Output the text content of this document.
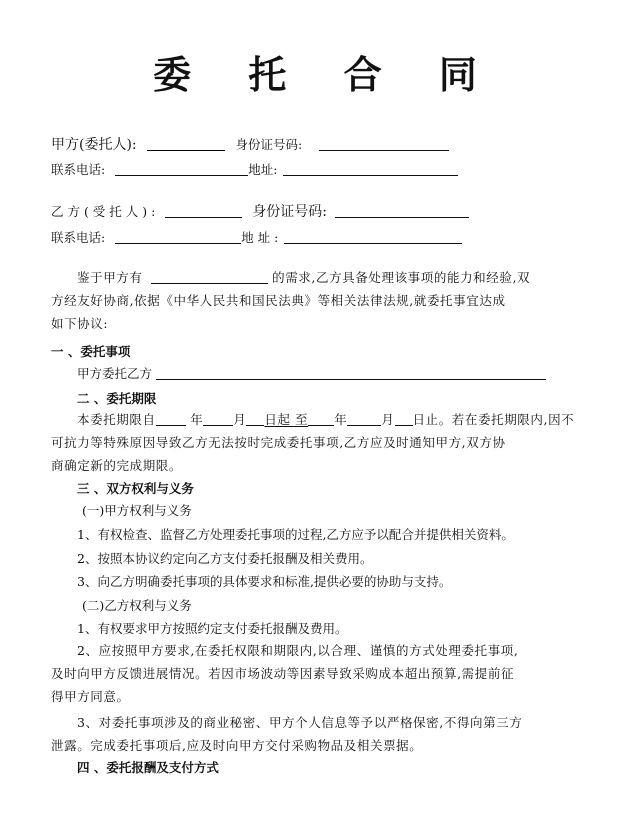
委 托 合 同
甲方(委托人):	身份证号码:
联系电话:	地址:
乙 方 ( 受 托 人 ) :	身份证号码:
联系电话:	地 址 :
鉴于甲方有	的需求,乙方具备处理该事项的能力和经验,双
方经友好协商,依据《中华人民共和国民法典》等相关法律法规,就委托事宜达成
如下协议:
一 、委托事项
甲方委托乙方
二 、委托期限
本委托期限自	年 月 日起 至 年	月 日止。若在委托期限内,因不
可抗力等特殊原因导致乙方无法按时完成委托事项,乙方应及时通知甲方,双方协
商确定新的完成期限。
三 、双方权利与义务
(一)甲方权利与义务
1、有权检查、监督乙方处理委托事项的过程,乙方应予以配合并提供相关资料。
2、按照本协议约定向乙方支付委托报酬及相关费用。
3、向乙方明确委托事项的具体要求和标准,提供必要的协助与支持。
(二)乙方权利与义务
1、有权要求甲方按照约定支付委托报酬及费用。
2、应按照甲方要求,在委托权限和期限内,以合理、谨慎的方式处理委托事项,
及时向甲方反馈进展情况。若因市场波动等因素导致采购成本超出预算,需提前征
得甲方同意。
3、对委托事项涉及的商业秘密、甲方个人信息等予以严格保密,不得向第三方
泄露。完成委托事项后,应及时向甲方交付采购物品及相关票据。
四 、委托报酬及支付方式
